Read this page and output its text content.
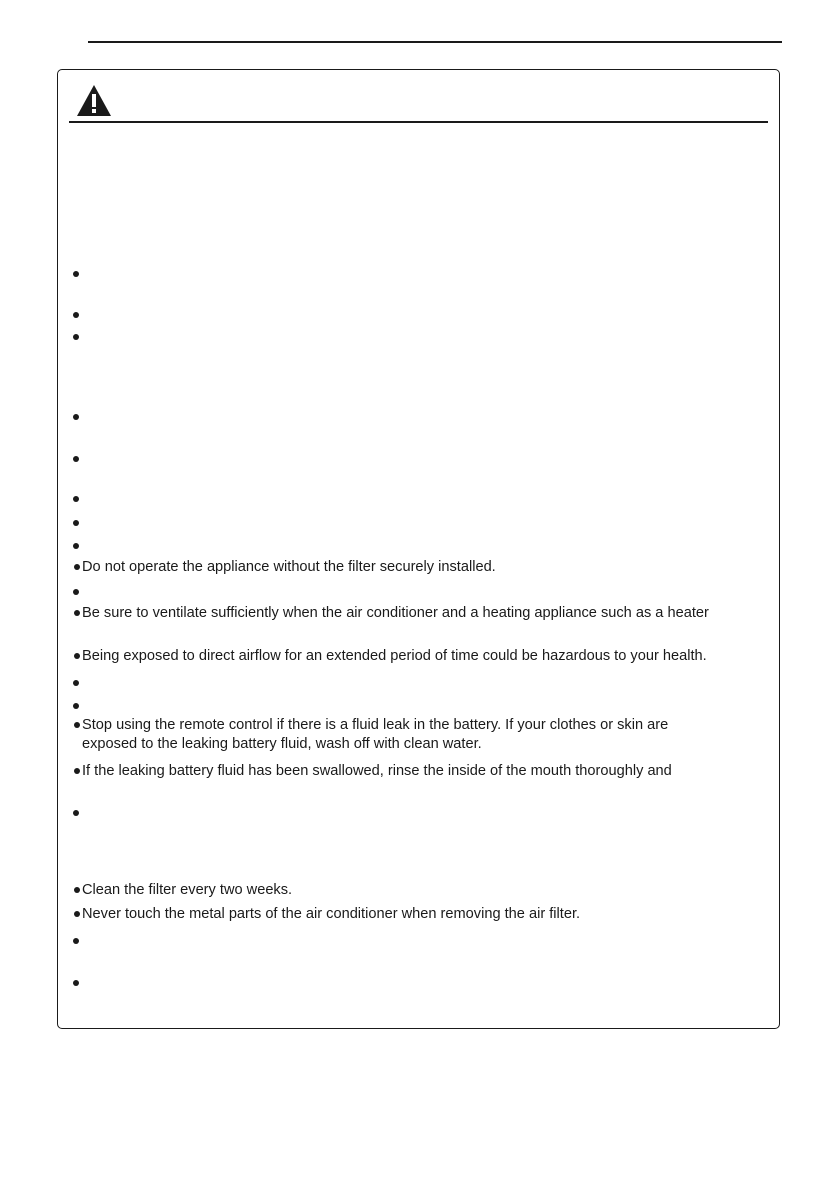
Do not operate the appliance without the filter securely installed.
Be sure to ventilate sufficiently when the air conditioner and a heating appliance such as a heater
Being exposed to direct airflow for an extended period of time could be hazardous to your health.
Stop using the remote control if there is a fluid leak in the battery. If your clothes or skin are
exposed to the leaking battery fluid, wash off with clean water.
If the leaking battery fluid has been swallowed, rinse the inside of the mouth thoroughly and
Clean the filter every two weeks.
Never touch the metal parts of the air conditioner when removing the air filter.
